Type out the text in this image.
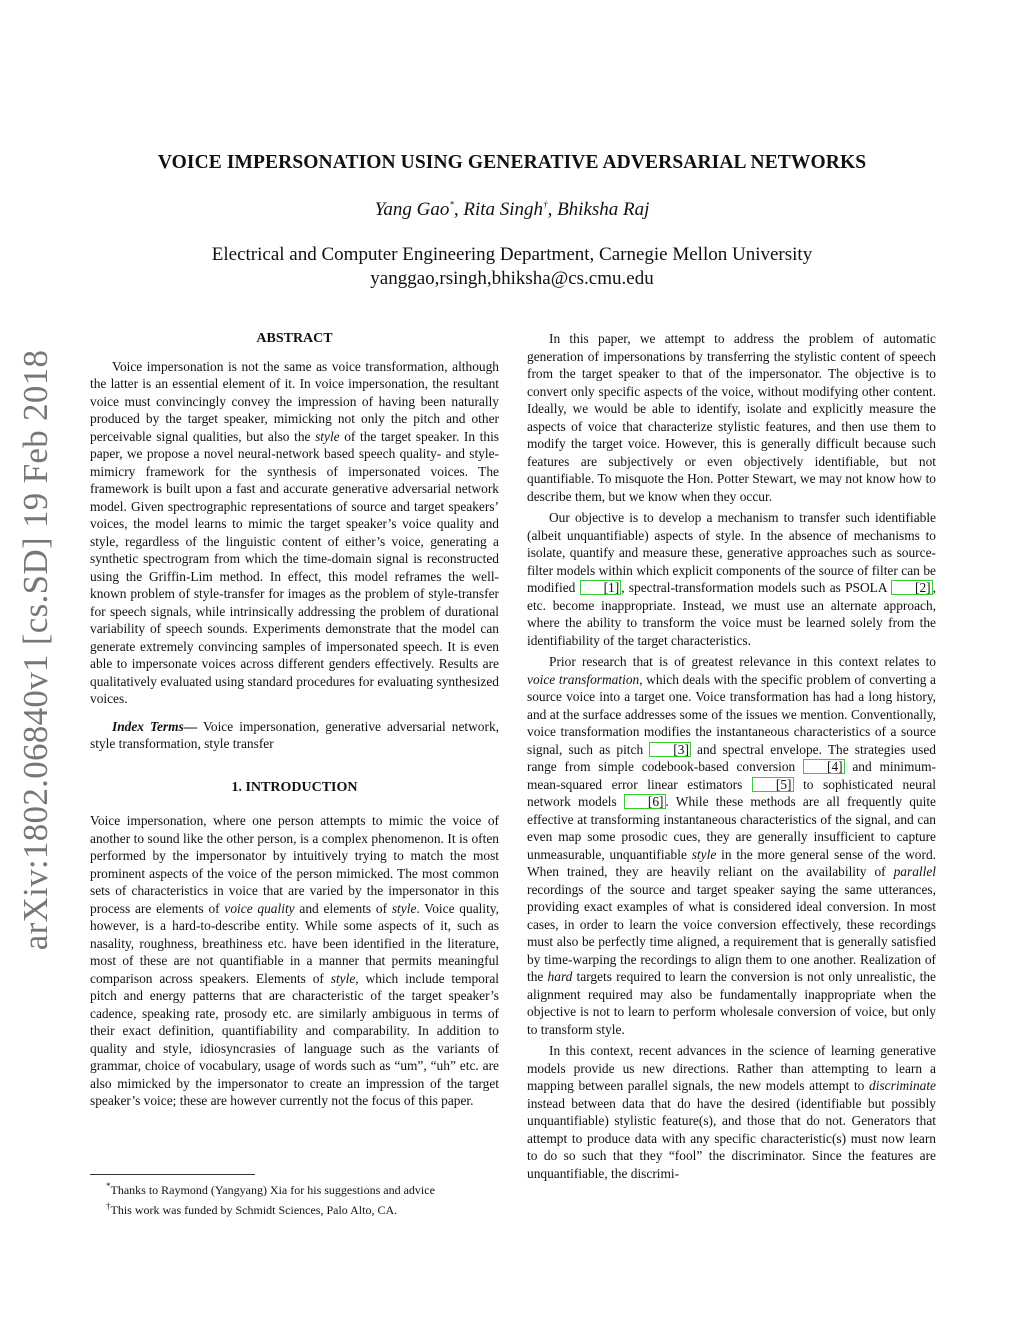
arXiv:1802.06840v1 [cs.SD] 19 Feb 2018
VOICE IMPERSONATION USING GENERATIVE ADVERSARIAL NETWORKS
Yang Gao*, Rita Singh†, Bhiksha Raj
Electrical and Computer Engineering Department, Carnegie Mellon University
yanggao,rsingh,bhiksha@cs.cmu.edu
ABSTRACT

Voice impersonation is not the same as voice transformation, although the latter is an essential element of it. In voice impersonation, the resultant voice must convincingly convey the impression of having been naturally produced by the target speaker, mimicking not only the pitch and other perceivable signal qualities, but also the style of the target speaker. In this paper, we propose a novel neural-network based speech quality- and style-mimicry framework for the synthesis of impersonated voices. The framework is built upon a fast and accurate generative adversarial network model. Given spectrographic representations of source and target speakers’ voices, the model learns to mimic the target speaker’s voice quality and style, regardless of the linguistic content of either’s voice, generating a synthetic spectrogram from which the time-domain signal is reconstructed using the Griffin-Lim method. In effect, this model reframes the well-known problem of style-transfer for images as the problem of style-transfer for speech signals, while intrinsically addressing the problem of durational variability of speech sounds. Experiments demonstrate that the model can generate extremely convincing samples of impersonated speech. It is even able to impersonate voices across different genders effectively. Results are qualitatively evaluated using standard procedures for evaluating synthesized voices.

Index Terms— Voice impersonation, generative adversarial network, style transformation, style transfer

1. INTRODUCTION

Voice impersonation, where one person attempts to mimic the voice of another to sound like the other person, is a complex phenomenon. It is often performed by the impersonator by intuitively trying to match the most prominent aspects of the voice of the person mimicked. The most common sets of characteristics in voice that are varied by the impersonator in this process are elements of voice quality and elements of style. Voice quality, however, is a hard-to-describe entity. While some aspects of it, such as nasality, roughness, breathiness etc. have been identified in the literature, most of these are not quantifiable in a manner that permits meaningful comparison across speakers. Elements of style, which include temporal pitch and energy patterns that are characteristic of the target speaker’s cadence, speaking rate, prosody etc. are similarly ambiguous in terms of their exact definition, quantifiability and comparability. In addition to quality and style, idiosyncrasies of language such as the variants of grammar, choice of vocabulary, usage of words such as “um”, “uh” etc. are also mimicked by the impersonator to create an impression of the target speaker’s voice; these are however currently not the focus of this paper.

*Thanks to Raymond (Yangyang) Xia for his suggestions and advice
†This work was funded by Schmidt Sciences, Palo Alto, CA.

In this paper, we attempt to address the problem of automatic generation of impersonations by transferring the stylistic content of speech from the target speaker to that of the impersonator. The objective is to convert only specific aspects of the voice, without modifying other content. Ideally, we would be able to identify, isolate and explicitly measure the aspects of voice that characterize stylistic features, and then use them to modify the target voice. However, this is generally difficult because such features are subjectively or even objectively identifiable, but not quantifiable. To misquote the Hon. Potter Stewart, we may not know how to describe them, but we know when they occur.

Our objective is to develop a mechanism to transfer such identifiable (albeit unquantifiable) aspects of style. In the absence of mechanisms to isolate, quantify and measure these, generative approaches such as source-filter models within which explicit components of the source of filter can be modified [1] , spectral-transformation models such as PSOLA [2] , etc. become inappropriate. Instead, we must use an alternate approach, where the ability to transform the voice must be learned solely from the identifiability of the target characteristics.

Prior research that is of greatest relevance in this context relates to voice transformation, which deals with the specific problem of converting a source voice into a target one. Voice transformation has had a long history, and at the surface addresses some of the issues we mention. Conventionally, voice transformation modifies the instantaneous characteristics of a source signal, such as pitch [3] and spectral envelope. The strategies used range from simple codebook-based conversion [4] and minimum-mean-squared error linear estimators [5] to sophisticated neural network models [6] . While these methods are all frequently quite effective at transforming instantaneous characteristics of the signal, and can even map some prosodic cues, they are generally insufficient to capture unmeasurable, unquantifiable style in the more general sense of the word. When trained, they are heavily reliant on the availability of parallel recordings of the source and target speaker saying the same utterances, providing exact examples of what is considered ideal conversion. In most cases, in order to learn the voice conversion effectively, these recordings must also be perfectly time aligned, a requirement that is generally satisfied by time-warping the recordings to align them to one another. Realization of the hard targets required to learn the conversion is not only unrealistic, the alignment required may also be fundamentally inappropriate when the objective is not to learn to perform wholesale conversion of voice, but only to transform style.

In this context, recent advances in the science of learning generative models provide us new directions. Rather than attempting to learn a mapping between parallel signals, the new models attempt to discriminate instead between data that do have the desired (identifiable but possibly unquantifiable) stylistic feature(s), and those that do not. Generators that attempt to produce data with any specific characteristic(s) must now learn to do so such that they “fool” the discriminator. Since the features are unquantifiable, the discrimi-
